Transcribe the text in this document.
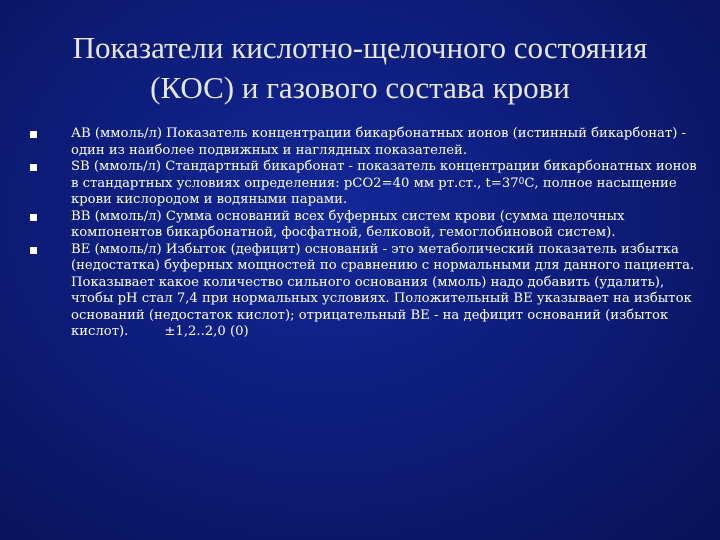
Показатели кислотно-щелочного состояния
(КОС) и газового состава крови
АВ (ммоль/л) Показатель концентрации бикарбонатных ионов (истинный бикарбонат) - один из наиболее подвижных и наглядных показателей.
SB (ммоль/л) Стандартный бикарбонат - показатель концентрации бикарбонатных ионов в стандартных условиях определения: pCO2=40 мм рт.ст., $t=37^0С$, полное насыщение крови кислородом и водяными парами.
ВВ (ммоль/л) Сумма оснований всех буферных систем крови (сумма щелочных компонентов бикарбонатной, фосфатной, белковой, гемоглобиновой систем).
ВЕ (ммоль/л) Избыток (дефицит) оснований - это метаболический показатель избытка (недостатка) буферных мощностей по сравнению с нормальными для данного пациента. Показывает какое количество сильного основания (ммоль) надо добавить (удалить), чтобы pH стал 7,4 при нормальных условиях. Положительный ВЕ указывает на избыток оснований (недостаток кислот); отрицательный ВЕ - на дефицит оснований (избыток кислот).	±1,2..2,0 (0)
